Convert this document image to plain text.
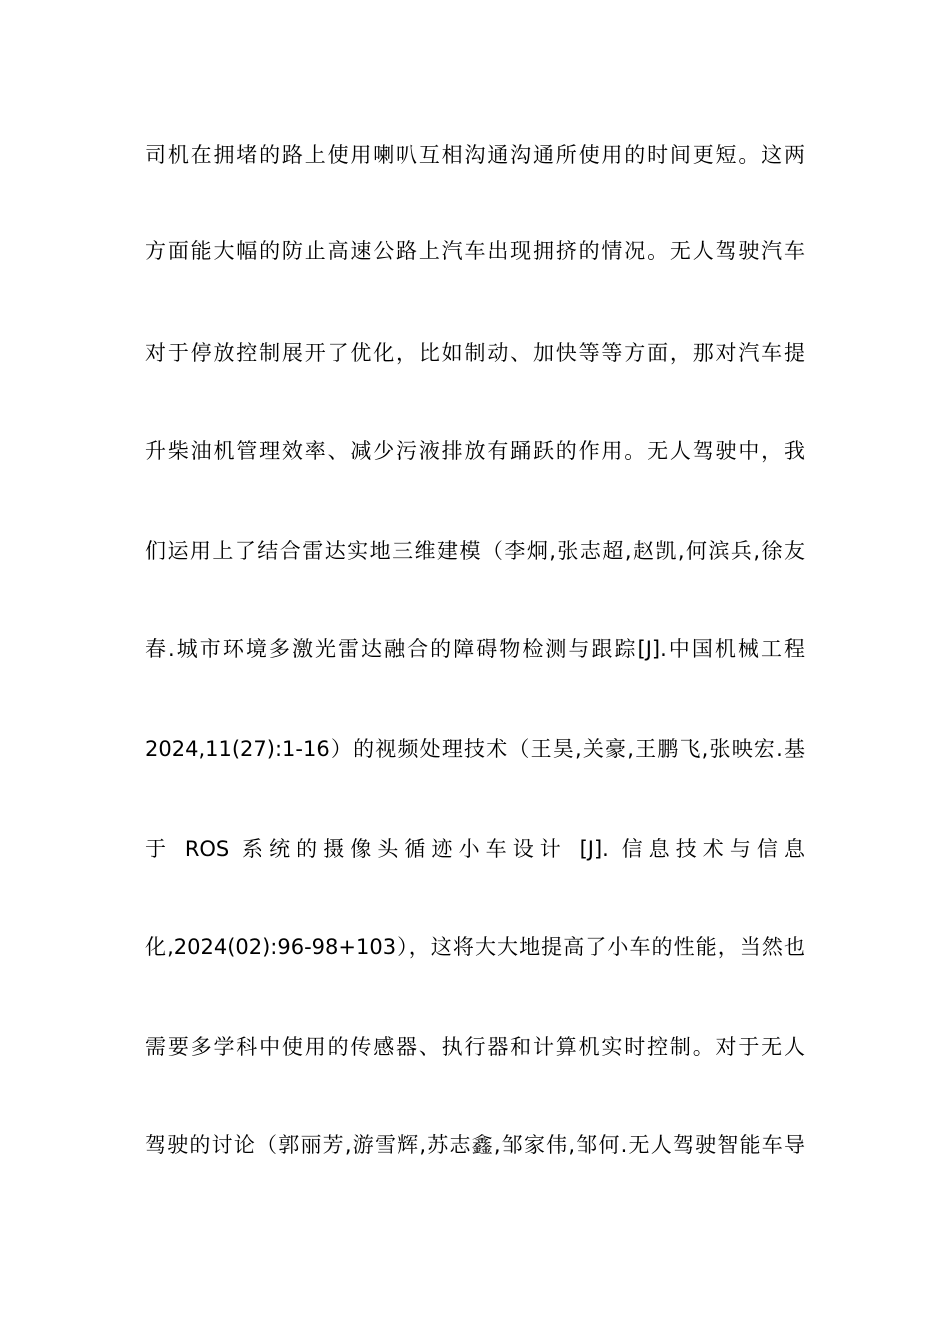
司机在拥堵的路上使用喇叭互相沟通沟通所使用的时间更短。这两
方面能大幅的防止高速公路上汽车出现拥挤的情况。无人驾驶汽车
对于停放控制展开了优化，比如制动、加快等等方面，那对汽车提
升柴油机管理效率、减少污液排放有踊跃的作用。无人驾驶中，我
们运用上了结合雷达实地三维建模（李炯,张志超,赵凯,何滨兵,徐友
春.城市环境多激光雷达融合的障碍物检测与跟踪[J].中国机械工程
2024,11(27):1-16）的视频处理技术（王昊,关豪,王鹏飞,张映宏.基
于 ROS 系统的摄像头循迹小车设计 [J]. 信息技术与信息
化,2024(02):96-98+103），这将大大地提高了小车的性能，当然也
需要多学科中使用的传感器、执行器和计算机实时控制。对于无人
驾驶的讨论（郭丽芳,游雪辉,苏志鑫,邹家伟,邹何.无人驾驶智能车导
